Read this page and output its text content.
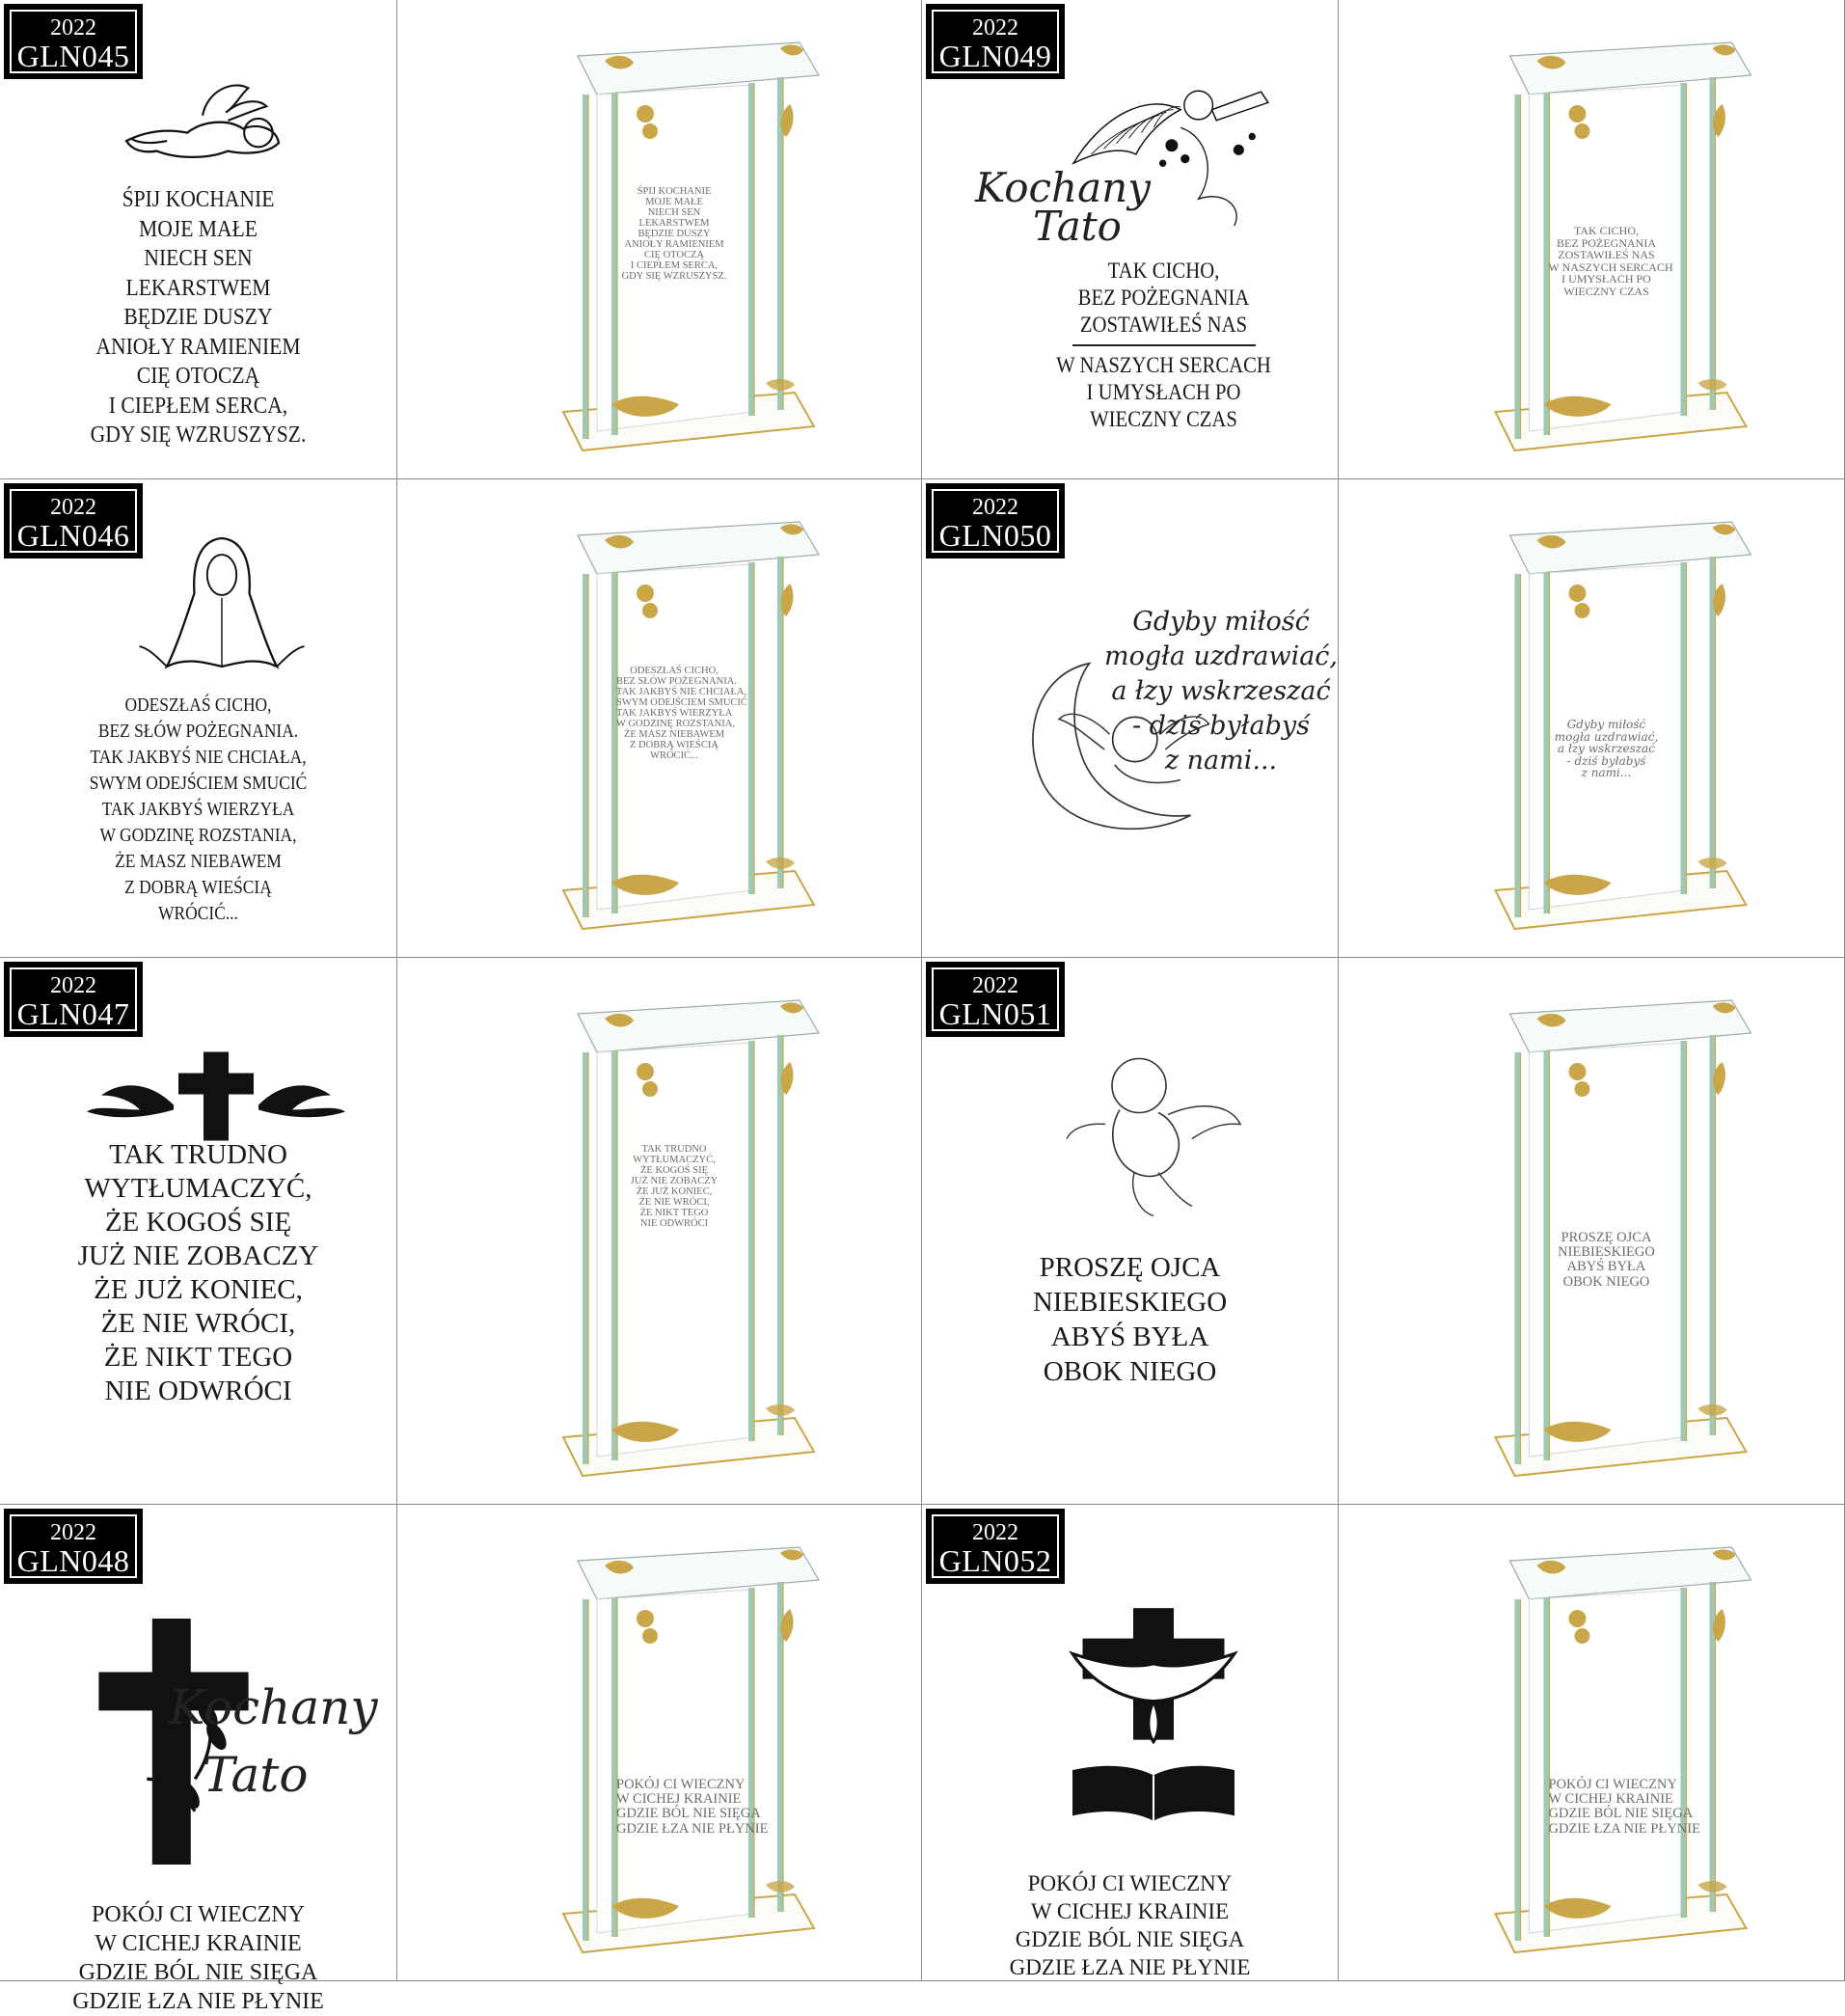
2022
GLN045
ŚPIJ KOCHANIE
MOJE MAŁE
NIECH SEN
LEKARSTWEM
BĘDZIE DUSZY
ANIOŁY RAMIENIEM
CIĘ OTOCZĄ
I CIEPŁEM SERCA,
GDY SIĘ WZRUSZYSZ.
ŚPIJ KOCHANIE
MOJE MAŁE
NIECH SEN
LEKARSTWEM
BĘDZIE DUSZY
ANIOŁY RAMIENIEM
CIĘ OTOCZĄ
I CIEPŁEM SERCA,
GDY SIĘ WZRUSZYSZ.
2022
GLN049
Kochany
Tato
TAK CICHO,
BEZ POŻEGNANIA
ZOSTAWIŁEŚ NAS
W NASZYCH SERCACH
I UMYSŁACH PO
WIECZNY CZAS
TAK CICHO,
BEZ POŻEGNANIA
ZOSTAWIŁEŚ NAS
W NASZYCH SERCACH
I UMYSŁACH PO
WIECZNY CZAS
2022
GLN046
ODESZŁAŚ CICHO,
BEZ SŁÓW POŻEGNANIA.
TAK JAKBYŚ NIE CHCIAŁA,
SWYM ODEJŚCIEM SMUCIĆ
TAK JAKBYŚ WIERZYŁA
W GODZINĘ ROZSTANIA,
ŻE MASZ NIEBAWEM
Z DOBRĄ WIEŚCIĄ
WRÓCIĆ...
ODESZŁAŚ CICHO,
BEZ SŁÓW POŻEGNANIA.
TAK JAKBYŚ NIE CHCIAŁA,
SWYM ODEJŚCIEM SMUCIĆ
TAK JAKBYŚ WIERZYŁA
W GODZINĘ ROZSTANIA,
ŻE MASZ NIEBAWEM
Z DOBRĄ WIEŚCIĄ
WRÓCIĆ...
2022
GLN050
Gdyby miłość
mogła uzdrawiać,
a łzy wskrzeszać
- dziś byłabyś
z nami...
Gdyby miłość
mogła uzdrawiać,
a łzy wskrzeszać
- dziś byłabyś
z nami...
2022
GLN047
TAK TRUDNO
WYTŁUMACZYĆ,
ŻE KOGOŚ SIĘ
JUŻ NIE ZOBACZY
ŻE JUŻ KONIEC,
ŻE NIE WRÓCI,
ŻE NIKT TEGO
NIE ODWRÓCI
TAK TRUDNO
WYTŁUMACZYĆ,
ŻE KOGOŚ SIĘ
JUŻ NIE ZOBACZY
ŻE JUŻ KONIEC,
ŻE NIE WRÓCI,
ŻE NIKT TEGO
NIE ODWRÓCI
2022
GLN051
PROSZĘ OJCA
NIEBIESKIEGO
ABYŚ BYŁA
OBOK NIEGO
PROSZĘ OJCA
NIEBIESKIEGO
ABYŚ BYŁA
OBOK NIEGO
2022
GLN048
Kochany
Tato
POKÓJ CI WIECZNY
W CICHEJ KRAINIE
GDZIE BÓL NIE SIĘGA
GDZIE ŁZA NIE PŁYNIE
POKÓJ CI WIECZNY
W CICHEJ KRAINIE
GDZIE BÓL NIE SIĘGA
GDZIE ŁZA NIE PŁYNIE
2022
GLN052
POKÓJ CI WIECZNY
W CICHEJ KRAINIE
GDZIE BÓL NIE SIĘGA
GDZIE ŁZA NIE PŁYNIE
POKÓJ CI WIECZNY
W CICHEJ KRAINIE
GDZIE BÓL NIE SIĘGA
GDZIE ŁZA NIE PŁYNIE
